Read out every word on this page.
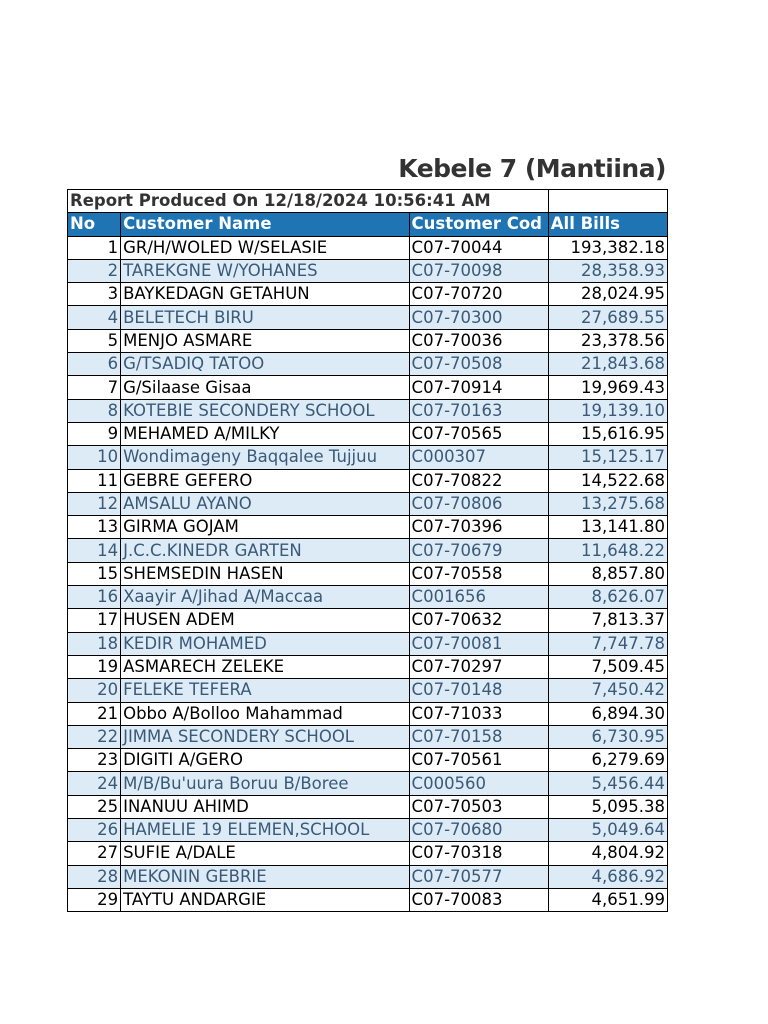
Kebele 7 (Mantiina)
Report Produced On 12/18/2024 10:56:41 AM			
No	Customer Name	Customer Cod	All Bills
1	GR/H/WOLED W/SELASIE	C07-70044	193,382.18
2	TAREKGNE W/YOHANES	C07-70098	28,358.93
3	BAYKEDAGN GETAHUN	C07-70720	28,024.95
4	BELETECH BIRU	C07-70300	27,689.55
5	MENJO ASMARE	C07-70036	23,378.56
6	G/TSADIQ TATOO	C07-70508	21,843.68
7	G/Silaase Gisaa	C07-70914	19,969.43
8	KOTEBIE SECONDERY SCHOOL	C07-70163	19,139.10
9	MEHAMED A/MILKY	C07-70565	15,616.95
10	Wondimageny Baqqalee Tujjuu	C000307	15,125.17
11	GEBRE GEFERO	C07-70822	14,522.68
12	AMSALU AYANO	C07-70806	13,275.68
13	GIRMA GOJAM	C07-70396	13,141.80
14	J.C.C.KINEDR GARTEN	C07-70679	11,648.22
15	SHEMSEDIN HASEN	C07-70558	8,857.80
16	Xaayir A/Jihad A/Maccaa	C001656	8,626.07
17	HUSEN ADEM	C07-70632	7,813.37
18	KEDIR MOHAMED	C07-70081	7,747.78
19	ASMARECH ZELEKE	C07-70297	7,509.45
20	FELEKE TEFERA	C07-70148	7,450.42
21	Obbo A/Bolloo Mahammad	C07-71033	6,894.30
22	JIMMA SECONDERY SCHOOL	C07-70158	6,730.95
23	DIGITI A/GERO	C07-70561	6,279.69
24	M/B/Bu'uura Boruu B/Boree	C000560	5,456.44
25	INANUU AHIMD	C07-70503	5,095.38
26	HAMELIE 19 ELEMEN,SCHOOL	C07-70680	5,049.64
27	SUFIE A/DALE	C07-70318	4,804.92
28	MEKONIN GEBRIE	C07-70577	4,686.92
29	TAYTU ANDARGIE	C07-70083	4,651.99
